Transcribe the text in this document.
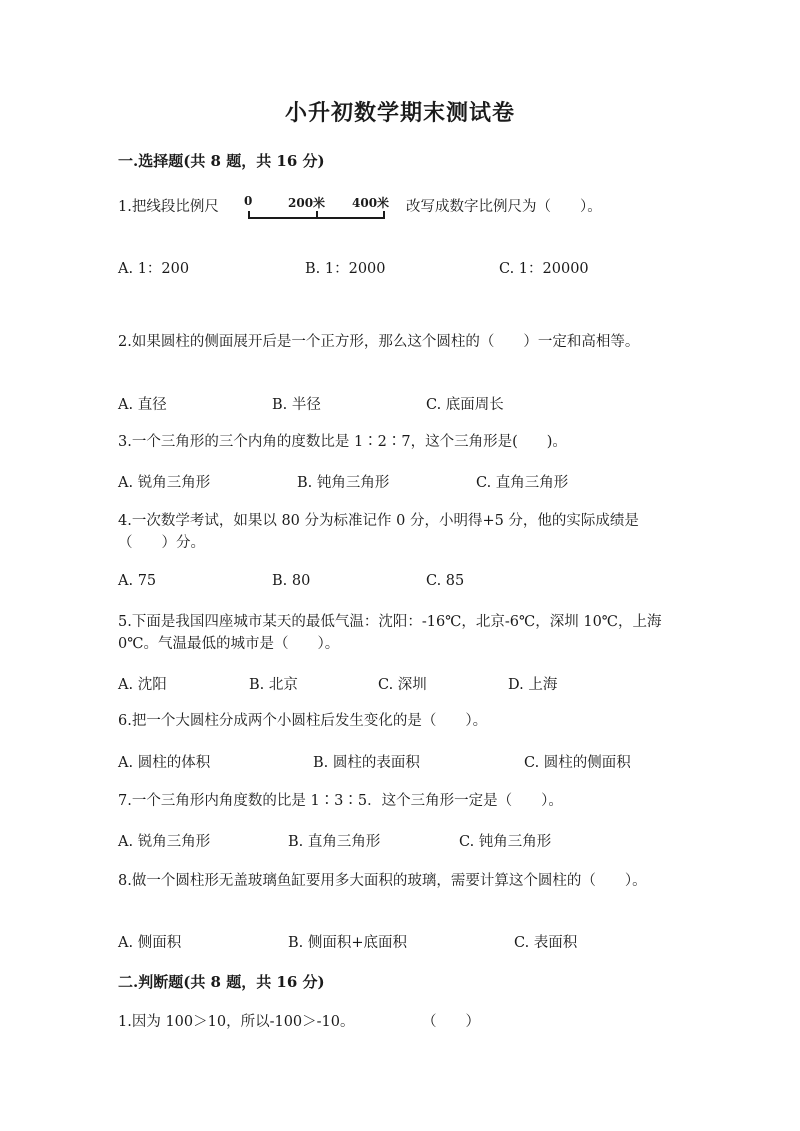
小升初数学期末测试卷
一.选择题(共 8 题，共 16 分)
1.把线段比例尺 0	200米 400米 改写成数字比例尺为（　　）。
A. 1：200	B. 1：2000	C. 1：20000
2.如果圆柱的侧面展开后是一个正方形，那么这个圆柱的（　　）一定和高相等。
A. 直径	B. 半径	C. 底面周长
3.一个三角形的三个内角的度数比是 1∶2∶7，这个三角形是(　　)。
A. 锐角三角形	B. 钝角三角形	C. 直角三角形
4.一次数学考试，如果以 80 分为标准记作 0 分，小明得+5 分，他的实际成绩是（　　）分。
A. 75	B. 80	C. 85
5.下面是我国四座城市某天的最低气温：沈阳：-16℃，北京-6℃，深圳 10℃，上海 0℃。气温最低的城市是（　　）。
A. 沈阳	B. 北京	C. 深圳	D. 上海
6.把一个大圆柱分成两个小圆柱后发生变化的是（　　）。
A. 圆柱的体积	B. 圆柱的表面积	C. 圆柱的侧面积
7.一个三角形内角度数的比是 1∶3∶5．这个三角形一定是（　　）。
A. 锐角三角形	B. 直角三角形	C. 钝角三角形
8.做一个圆柱形无盖玻璃鱼缸要用多大面积的玻璃，需要计算这个圆柱的（　　）。
A. 侧面积	B. 侧面积+底面积	C. 表面积
二.判断题(共 8 题，共 16 分)
1.因为 100＞10，所以-100＞-10。	（　　）
